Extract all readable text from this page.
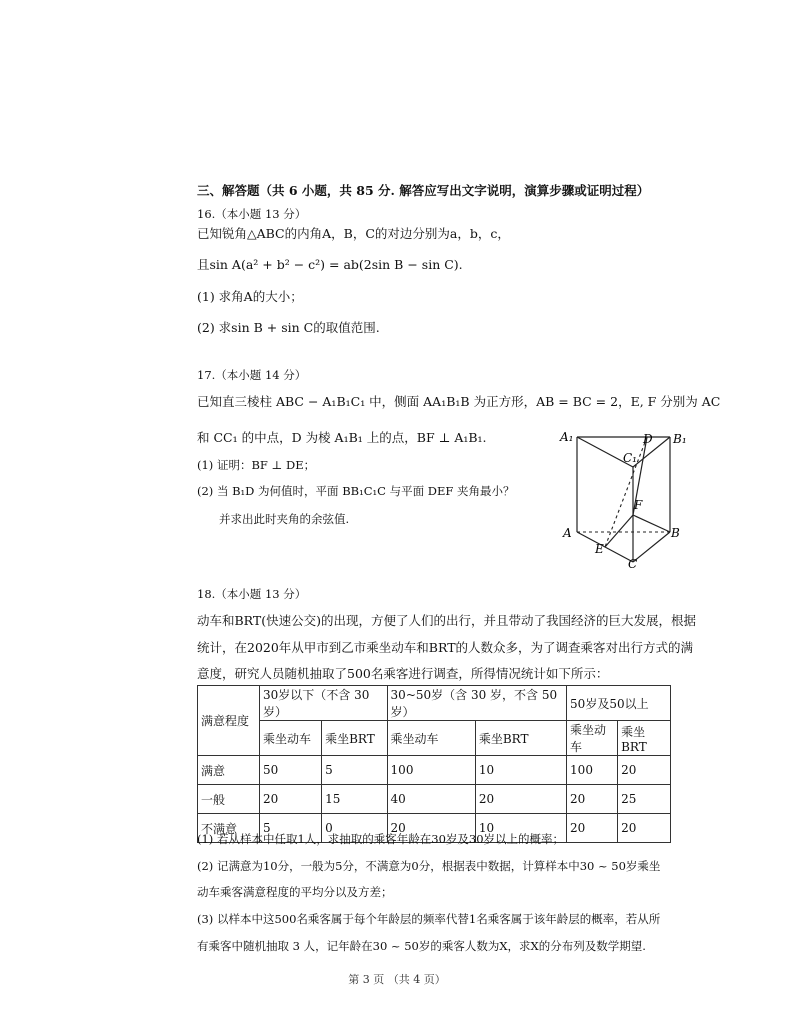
三、解答题（共 6 小题，共 85 分. 解答应写出文字说明，演算步骤或证明过程）
16.（本小题 13 分）
已知锐角△ABC的内角A，B，C的对边分别为a，b，c，
且sin A(a² + b² − c²) = ab(2sin B − sin C).
(1) 求角A的大小；
(2) 求sin B + sin C的取值范围.
17.（本小题 14 分）
已知直三棱柱 ABC − A₁B₁C₁ 中，侧面 AA₁B₁B 为正方形，AB = BC = 2，E, F 分别为 AC
和 CC₁ 的中点，D 为棱 A₁B₁ 上的点，BF ⊥ A₁B₁.
(1) 证明：BF ⊥ DE；
(2) 当 B₁D 为何值时，平面 BB₁C₁C 与平面 DEF 夹角最小？
并求出此时夹角的余弦值.
A₁	B₁
C₁
D
F
A	B
E
C
18.（本小题 13 分）
动车和BRT(快速公交)的出现，方便了人们的出行，并且带动了我国经济的巨大发展，根据
统计，在2020年从甲市到乙市乘坐动车和BRT的人数众多，为了调查乘客对出行方式的满
意度，研究人员随机抽取了500名乘客进行调查，所得情况统计如下所示：
满意程度	30岁以下（不含 30 岁）		30~50岁（含 30 岁，不含 50 岁）		50岁及50以上	
	乘坐动车	乘坐BRT	乘坐动车	乘坐BRT	乘坐动车	乘坐BRT
满意	50	5	100	10	100	20
一般	20	15	40	20	20	25
不满意	5	0	20	10	20	20
(1) 若从样本中任取1人，求抽取的乘客年龄在30岁及30岁以上的概率；
(2) 记满意为10分，一般为5分，不满意为0分，根据表中数据，计算样本中30 ~ 50岁乘坐
动车乘客满意程度的平均分以及方差；
(3) 以样本中这500名乘客属于每个年龄层的频率代替1名乘客属于该年龄层的概率，若从所
有乘客中随机抽取 3 人，记年龄在30 ~ 50岁的乘客人数为X，求X的分布列及数学期望.
第 3 页 （共 4 页）
